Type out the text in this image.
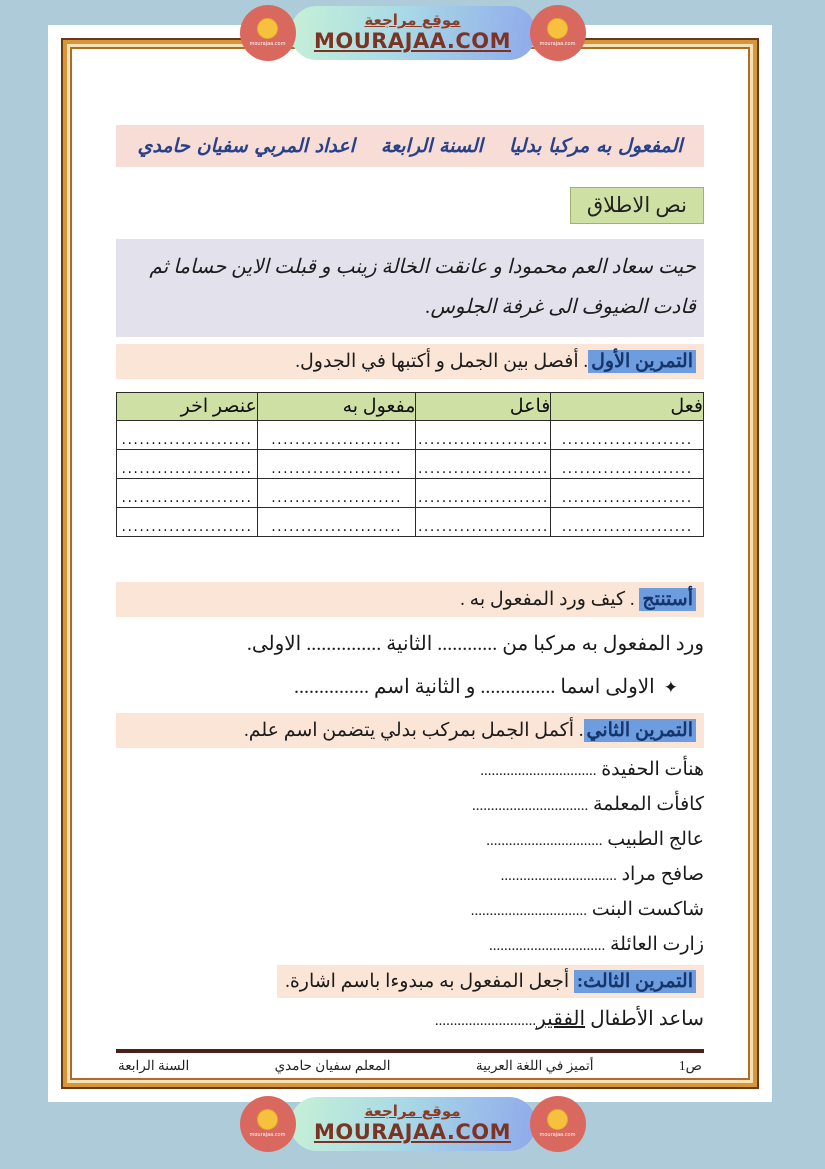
mourajaa.com
موقع مراجعة
MOURAJAA.COM	mourajaa.com
المفعول به مركبا بدليا
السنة الرابعة
اعداد المربي سفيان حامدي
نص الاطلاق
حيت سعاد العم محمودا و عانقت الخالة زينب و قبلت الاين حساما ثم
قادت الضيوف الى غرفة الجلوس.
التمرين الأول. أفصل بين الجمل و أكتبها في الجدول.
فعل	فاعل	مفعول به	عنصر اخر
......................	......................	......................	......................
......................	......................	......................	......................
......................	......................	......................	......................
......................	......................	......................	......................
أستنتج . كيف ورد المفعول به .
ورد المفعول به مركبا من ............ الثانية ............... الاولى.
✦ الاولى اسما ............... و الثانية اسم ...............
التمرين الثاني. أكمل الجمل بمركب بدلي يتضمن اسم علم.
هنأت الحفيدة ...............................
كافأت المعلمة ...............................
عالج الطبيب ...............................
صافح مراد ...............................
شاكست البنت ...............................
زارت العائلة ...............................
التمرين الثالث: أجعل المفعول به مبدوءا باسم اشارة.
ساعد الأطفال الفقير...........................
ص1
أتميز في اللغة العربية
المعلم سفيان حامدي
السنة الرابعة
mourajaa.com
موقع مراجعة
MOURAJAA.COM	mourajaa.com
